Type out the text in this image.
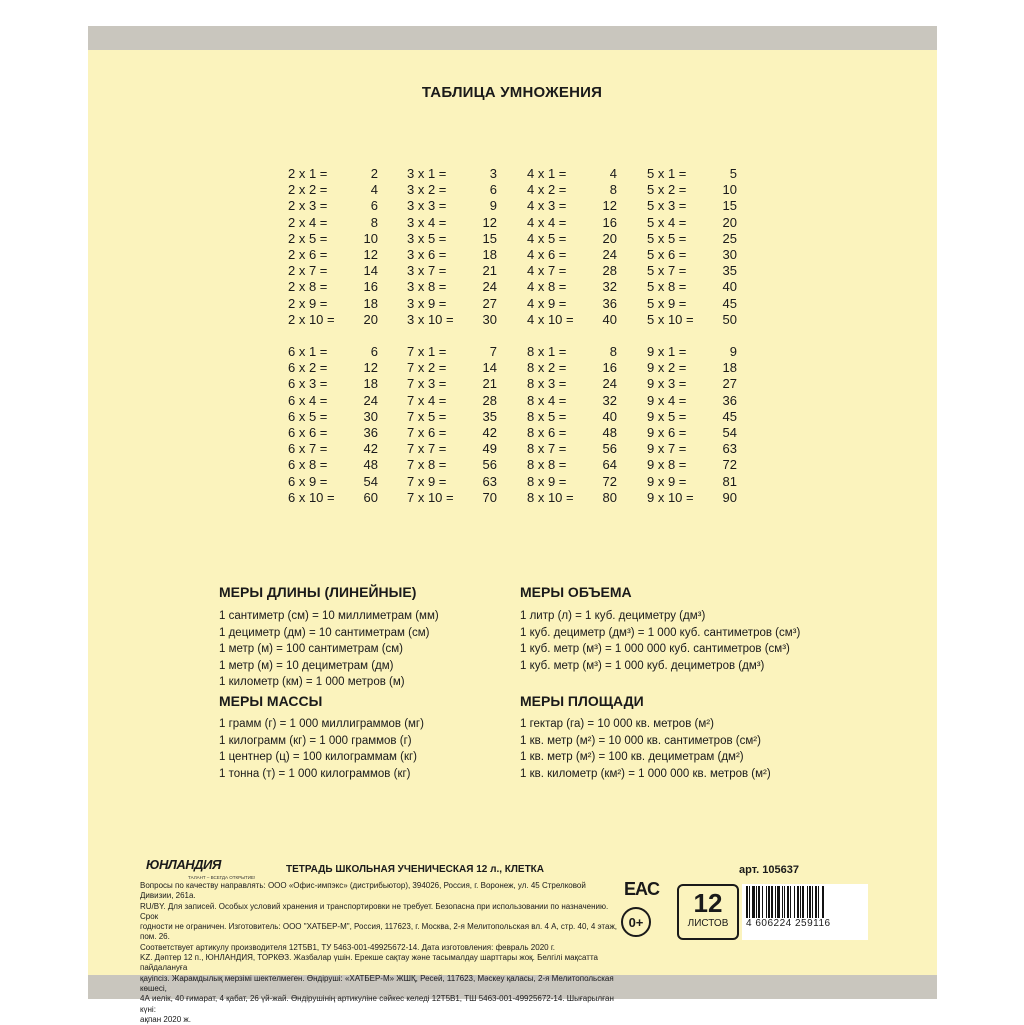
ТАБЛИЦА УМНОЖЕНИЯ
2 x 1 =	2
2 x 2 =	4
2 x 3 =	6
2 x 4 =	8
2 x 5 =	10
2 x 6 =	12
2 x 7 =	14
2 x 8 =	16
2 x 9 =	18
2 x 10 = 20
3 x 1 =	3
3 x 2 =	6
3 x 3 =	9
3 x 4 =	12
3 x 5 =	15
3 x 6 =	18
3 x 7 =	21
3 x 8 =	24
3 x 9 =	27
3 x 10 = 30
4 x 1 =	4
4 x 2 =	8
4 x 3 =	12
4 x 4 =	16
4 x 5 =	20
4 x 6 =	24
4 x 7 =	28
4 x 8 =	32
4 x 9 =	36
4 x 10 = 40
5 x 1 =	5
5 x 2 =	10
5 x 3 =	15
5 x 4 =	20
5 x 5 =	25
5 x 6 =	30
5 x 7 =	35
5 x 8 =	40
5 x 9 =	45
5 x 10 = 50
6 x 1 =	6
6 x 2 =	12
6 x 3 =	18
6 x 4 =	24
6 x 5 =	30
6 x 6 =	36
6 x 7 =	42
6 x 8 =	48
6 x 9 =	54
6 x 10 = 60
7 x 1 =	7
7 x 2 =	14
7 x 3 =	21
7 x 4 =	28
7 x 5 =	35
7 x 6 =	42
7 x 7 =	49
7 x 8 =	56
7 x 9 =	63
7 x 10 = 70
8 x 1 =	8
8 x 2 =	16
8 x 3 =	24
8 x 4 =	32
8 x 5 =	40
8 x 6 =	48
8 x 7 =	56
8 x 8 =	64
8 x 9 =	72
8 x 10 = 80
9 x 1 =	9
9 x 2 =	18
9 x 3 =	27
9 x 4 =	36
9 x 5 =	45
9 x 6 =	54
9 x 7 =	63
9 x 8 =	72
9 x 9 =	81
9 x 10 = 90
МЕРЫ ДЛИНЫ (ЛИНЕЙНЫЕ)
1 сантиметр (см) = 10 миллиметрам (мм)
1 дециметр (дм) = 10 сантиметрам (см)
1 метр (м) = 100 сантиметрам (см)
1 метр (м) = 10 дециметрам (дм)
1 километр (км) = 1 000 метров (м)
МЕРЫ МАССЫ
1 грамм (г) = 1 000 миллиграммов (мг)
1 килограмм (кг) = 1 000 граммов (г)
1 центнер (ц) = 100 килограммам (кг)
1 тонна (т) = 1 000 килограммов (кг)
МЕРЫ ОБЪЕМА
1 литр (л) = 1 куб. дециметру (дм³)
1 куб. дециметр (дм³) = 1 000 куб. сантиметров (см³)
1 куб. метр (м³) = 1 000 000 куб. сантиметров (см³)
1 куб. метр (м³) = 1 000 куб. дециметров (дм³)
МЕРЫ ПЛОЩАДИ
1 гектар (га) = 10 000 кв. метров (м²)
1 кв. метр (м²) = 10 000 кв. сантиметров (см²)
1 кв. метр (м²) = 100 кв. дециметрам (дм²)
1 кв. километр (км²) = 1 000 000 кв. метров (м²)
ЮНЛАНДИЯ
ТАЛАНТ – ВСЕГДА ОТКРЫТИЕ!
ТЕТРАДЬ ШКОЛЬНАЯ УЧЕНИЧЕСКАЯ 12 л., КЛЕТКА	арт. 105637
Вопросы по качеству направлять: ООО «Офис-импэкс» (дистрибьютор), 394026, Россия, г. Воронеж, ул. 45 Стрелковой Дивизии, 261а.
RU/BY. Для записей. Особых условий хранения и транспортировки не требует. Безопасна при использовании по назначению. Срок
годности не ограничен. Изготовитель: ООО "ХАТБЕР-М", Россия, 117623, г. Москва, 2-я Мелитопольская вл. 4 А, стр. 40, 4 этаж, пом. 26.
Соответствует артикулу производителя 12Т5В1, ТУ 5463-001-49925672-14. Дата изготовления: февраль 2020 г.
KZ. Дәптер 12 п., ЮНЛАНДИЯ, ТОРКӨЗ. Жазбалар үшін. Ерекше сақтау және тасымалдау шарттары жоқ. Белгілі мақсатта пайдалануға
қауіпсіз. Жарамдылық мерзімі шектелмеген. Өндіруші: «ХАТБЕР-М» ЖШҚ, Ресей, 117623, Мәскеу қаласы, 2-я Мелитопольская көшесі,
4А иелік, 40 ғимарат, 4 қабат, 26 үй-жай. Өндірушінің артикуліне сәйкес келеді 12Т5В1, ТШ 5463-001-49925672-14. Шығарылған күні:
ақпан 2020 ж.
EAC
0+
12
ЛИСТОВ	4 606224 259116
